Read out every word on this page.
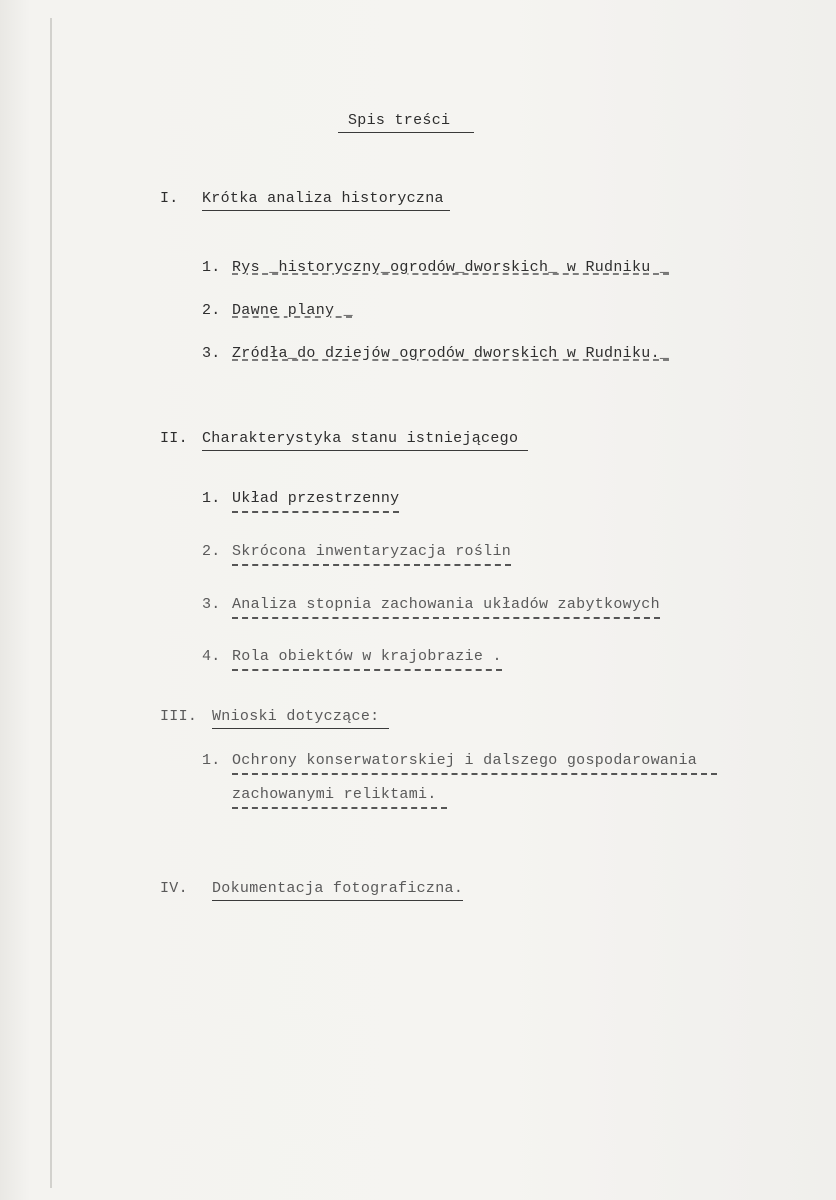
Spis treści
I. Krótka analiza historyczna
1. Rys _historyczny_ogrodów_dworskich_ w Rudniku _
2. Dawne plany _
3. Zródła_do dziejów ogrodów dworskich w Rudniku._
II. Charakterystyka stanu istniejącego
1. Układ przestrzenny
2. Skrócona inwentaryzacja roślin
3. Analiza stopnia zachowania układów zabytkowych
4. Rola obiektów w krajobrazie .
III. Wnioski dotyczące:
1. Ochrony konserwatorskiej i dalszego gospodarowania
zachowanymi reliktami.
IV. Dokumentacja fotograficzna.
